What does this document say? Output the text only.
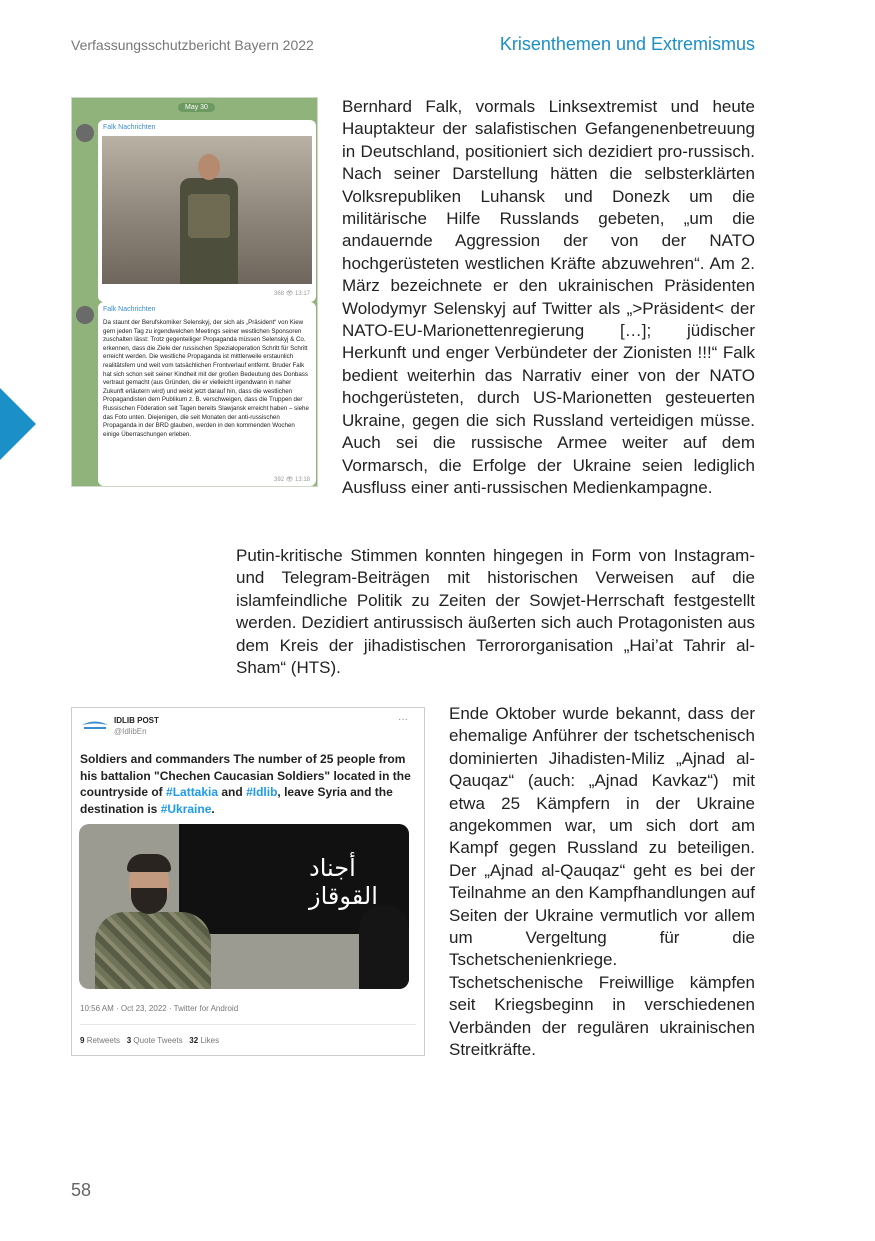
Verfassungsschutzbericht Bayern 2022	Krisenthemen und Extremismus
May 30
Falk Nachrichten
368 👁 13:17
Falk Nachrichten
Da staunt der Berufskomiker Selenskyj, der sich als „Präsident“ von Kiew gern jeden Tag zu irgendwelchen Meetings seiner westlichen Sponsoren zuschalten lässt: Trotz gegenteiliger Propaganda müssen Selenskyj & Co. erkennen, dass die Ziele der russischen Spezialoperation Schritt für Schritt erreicht werden. Die westliche Propaganda ist mittlerweile erstaunlich realitätsfern und weit vom tatsächlichen Frontverlauf entfernt. Bruder Falk hat sich schon seit seiner Kindheit mit der großen Bedeutung des Donbass vertraut gemacht (aus Gründen, die er vielleicht irgendwann in naher Zukunft erläutern wird) und weist jetzt darauf hin, dass die westlichen Propagandisten dem Publikum z. B. verschweigen, dass die Truppen der Russischen Föderation seit Tagen bereits Slawjansk erreicht haben – siehe das Foto unten. Diejenigen, die seit Monaten der anti-russischen Propaganda in der BRD glauben, werden in den kommenden Wochen einige Überraschungen erleben.
392 👁 13:18
Bernhard Falk, vormals Linksextremist und heute Hauptakteur der salafistischen Gefangenenbetreuung in Deutschland, positioniert sich dezidiert pro-russisch. Nach seiner Darstellung hätten die selbsterklärten Volksrepubliken Luhansk und Donezk um die militärische Hilfe Russlands gebeten, „um die andauernde Aggression der von der NATO hochgerüsteten westlichen Kräfte abzuwehren“. Am 2. März bezeichnete er den ukrainischen Präsidenten Wolodymyr Selenskyj auf Twitter als „>Präsident< der NATO-EU-Marionettenregierung […]; jüdischer Herkunft und enger Verbündeter der Zionisten !!!“ Falk bedient weiterhin das Narrativ einer von der NATO hochgerüsteten, durch US-Marionetten gesteuerten Ukraine, gegen die sich Russland verteidigen müsse. Auch sei die russische Armee weiter auf dem Vormarsch, die Erfolge der Ukraine seien lediglich Ausfluss einer anti-russischen Medienkampagne.
Putin-kritische Stimmen konnten hingegen in Form von Instagram- und Telegram-Beiträgen mit historischen Verweisen auf die islamfeindliche Politik zu Zeiten der Sowjet-Herrschaft festgestellt werden. Dezidiert antirussisch äußerten sich auch Protagonisten aus dem Kreis der jihadistischen Terrororganisation „Hai’at Tahrir al-Sham“ (HTS).
IDLIB POST
@IdlibEn
···
Soldiers and commanders The number of 25 people from his battalion "Chechen Caucasian Soldiers" located in the countryside of #Lattakia and #Idlib, leave Syria and the destination is #Ukraine.
أجناد القوقاز
10:56 AM · Oct 23, 2022 · Twitter for Android
9 Retweets 3 Quote Tweets 32 Likes
Ende Oktober wurde bekannt, dass der ehemalige Anführer der tschetschenisch dominierten Jihadisten-Miliz „Ajnad al-Qauqaz“ (auch: „Ajnad Kavkaz“) mit etwa 25 Kämpfern in der Ukraine angekommen war, um sich dort am Kampf gegen Russland zu beteiligen. Der „Ajnad al-Qauqaz“ geht es bei der Teilnahme an den Kampfhandlungen auf Seiten der Ukraine vermutlich vor allem um Vergeltung für die Tschetschenienkriege. Tschetschenische Freiwillige kämpfen seit Kriegsbeginn in verschiedenen Verbänden der regulären ukrainischen Streitkräfte.
58
